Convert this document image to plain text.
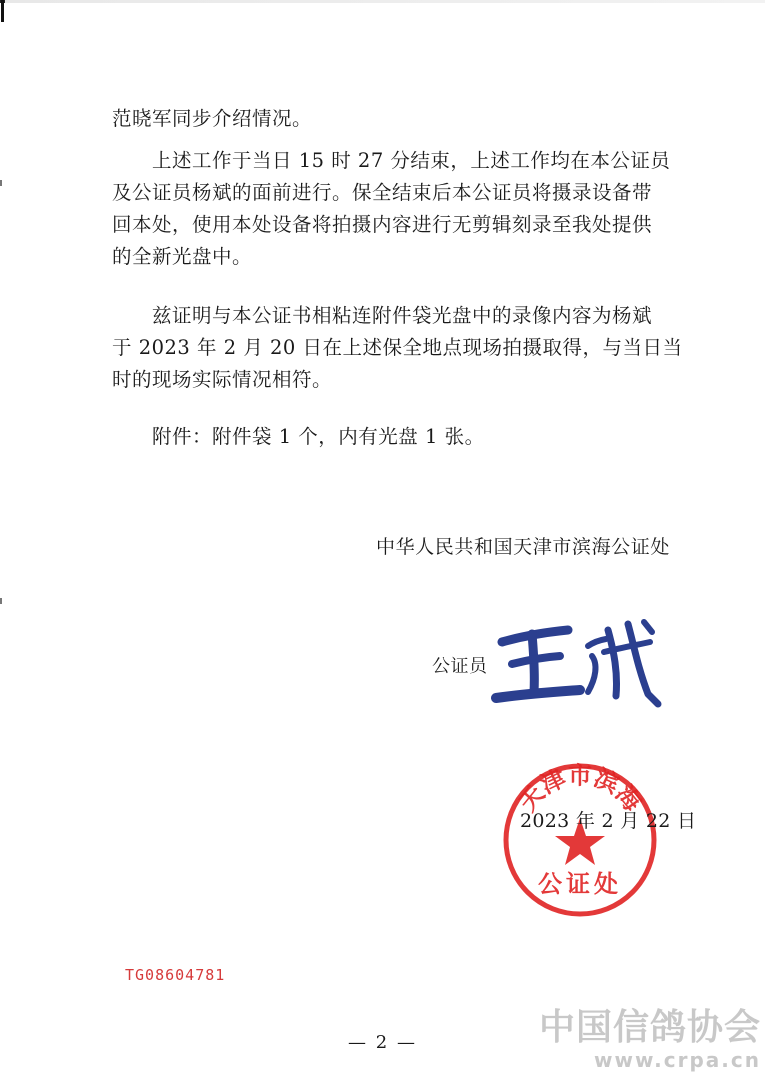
范晓军同步介绍情况。
上述工作于当日 15 时 27 分结束，上述工作均在本公证员
及公证员杨斌的面前进行。保全结束后本公证员将摄录设备带
回本处，使用本处设备将拍摄内容进行无剪辑刻录至我处提供
的全新光盘中。
兹证明与本公证书相粘连附件袋光盘中的录像内容为杨斌
于 2023 年 2 月 20 日在上述保全地点现场拍摄取得，与当日当
时的现场实际情况相符。
附件：附件袋 1 个，内有光盘 1 张。
中华人民共和国天津市滨海公证处
公证员
天津市滨海
公证处
2023 年 2 月 22 日
TG08604781
— 2 —	中国信鸽协会
www.crpa.cn
